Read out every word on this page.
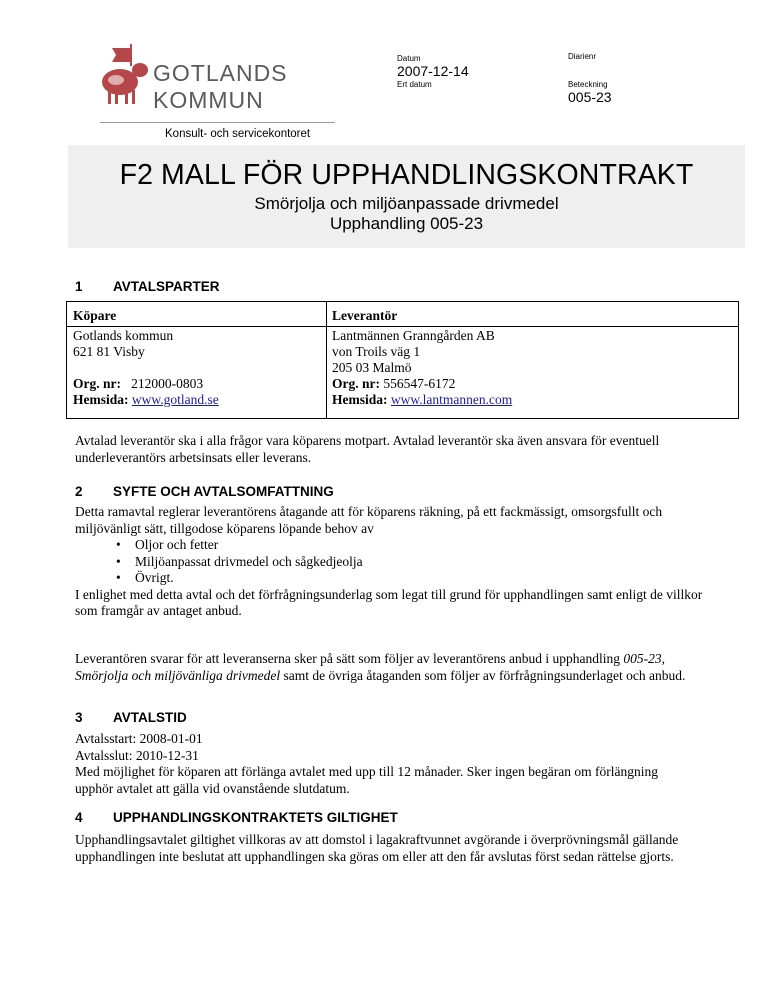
GOTLANDS
KOMMUN
Konsult- och servicekontoret
Datum
2007-12-14
Ert datum
Diarienr
Beteckning
005-23
F2 MALL FÖR UPPHANDLINGSKONTRAKT
Smörjolja och miljöanpassade drivmedel
Upphandling 005-23
1 AVTALSPARTER
Köpare
Gotlands kommun
621 81 Visby
Org. nr: 212000-0803
Hemsida: www.gotland.se
Leverantör
Lantmännen Granngården AB
von Troils väg 1
205 03 Malmö
Org. nr: 556547-6172
Hemsida: www.lantmannen.com

Avtalad leverantör ska i alla frågor vara köparens motpart. Avtalad leverantör ska även ansvara för eventuell underleverantörs arbetsinsats eller leverans.

2 SYFTE OCH AVTALSOMFATTNING

Detta ramavtal reglerar leverantörens åtagande att för köparens räkning, på ett fackmässigt, omsorgsfullt och miljövänligt sätt, tillgodose köparens löpande behov av

• Oljor och fetter
• Miljöanpassat drivmedel och sågkedjeolja
• Övrigt.

I enlighet med detta avtal och det förfrågningsunderlag som legat till grund för upphandlingen samt enligt de villkor som framgår av antaget anbud.

Leverantören svarar för att leveranserna sker på sätt som följer av leverantörens anbud i upphandling 005-23, Smörjolja och miljövänliga drivmedel samt de övriga åtaganden som följer av förfrågningsunderlaget och anbud.

3 AVTALSTID

Avtalsstart: 2008-01-01

Avtalsslut: 2010-12-31

Med möjlighet för köparen att förlänga avtalet med upp till 12 månader. Sker ingen begäran om förlängning upphör avtalet att gälla vid ovanstående slutdatum.

4 UPPHANDLINGSKONTRAKTETS GILTIGHET

Upphandlingsavtalet giltighet villkoras av att domstol i lagakraftvunnet avgörande i överprövningsmål gällande upphandlingen inte beslutat att upphandlingen ska göras om eller att den får avslutas först sedan rättelse gjorts.
